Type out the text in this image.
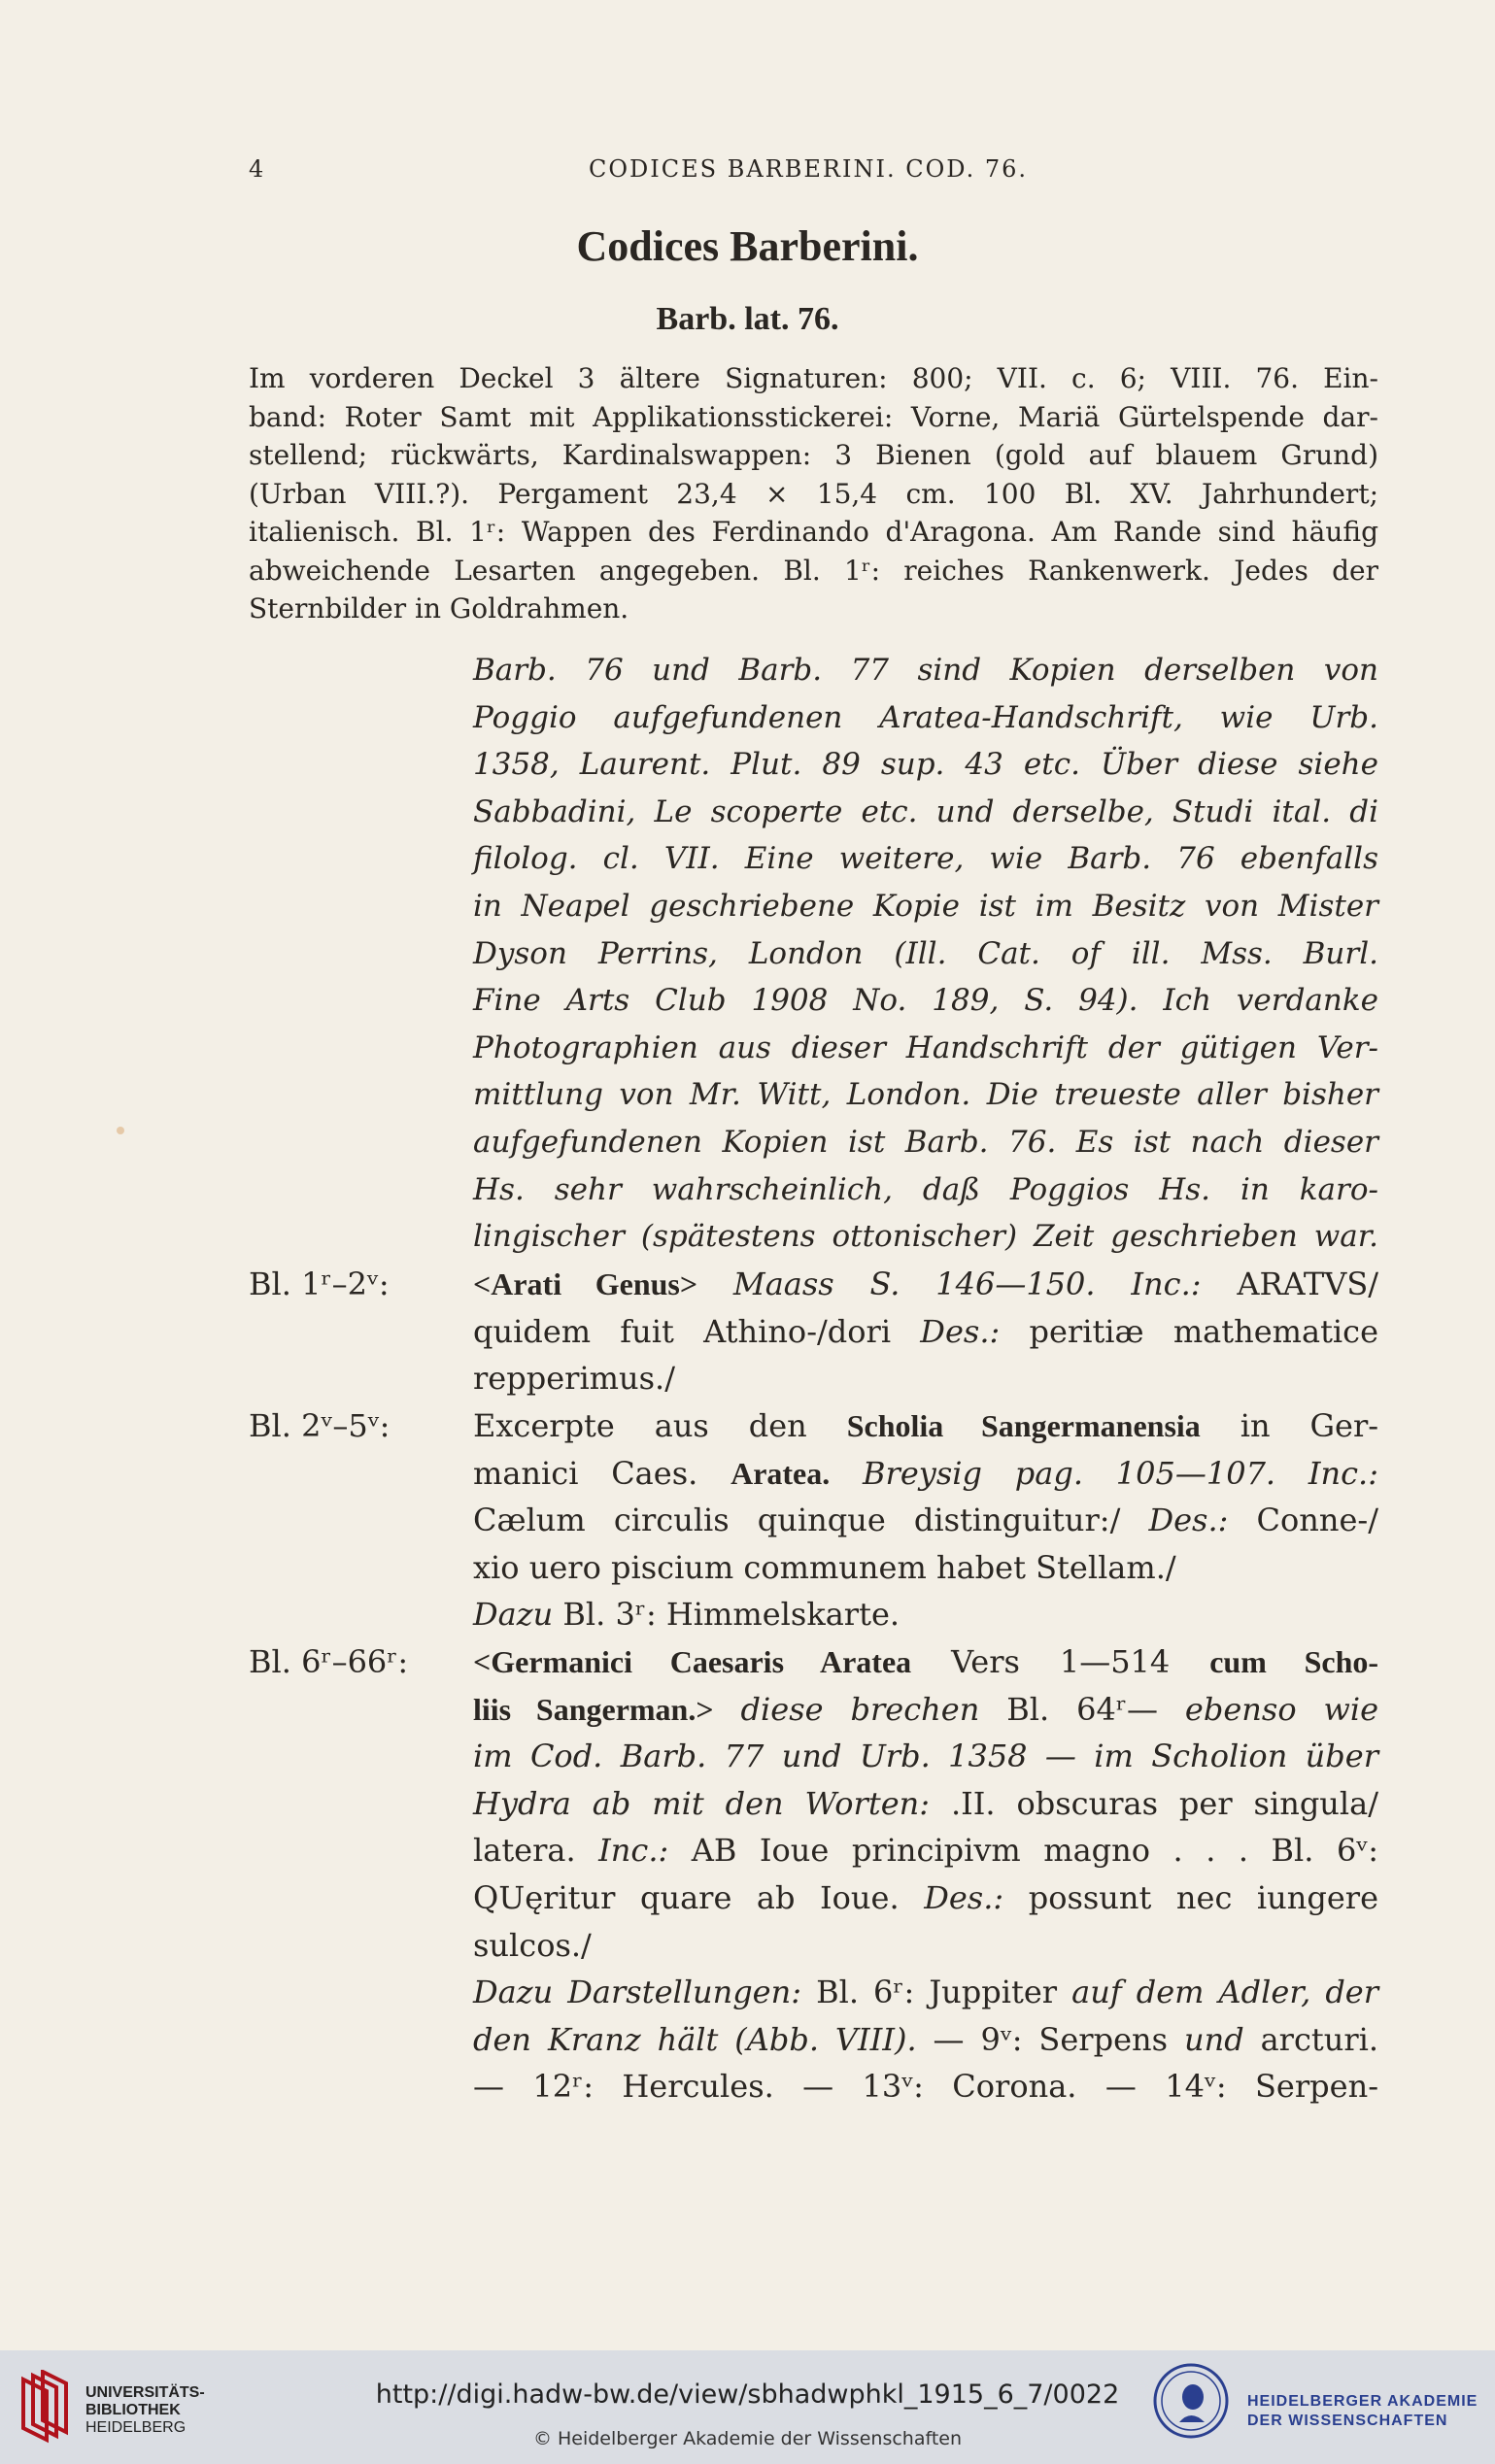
4	CODICES BARBERINI. COD. 76.
Codices Barberini.
Barb. lat. 76.
Im vorderen Deckel 3 ältere Signaturen: 800; VII. c. 6; VIII. 76. Ein-
band: Roter Samt mit Applikationsstickerei: Vorne, Mariä Gürtelspende dar-
stellend; rückwärts, Kardinalswappen: 3 Bienen (gold auf blauem Grund)
(Urban VIII.?). Pergament 23,4 × 15,4 cm. 100 Bl. XV. Jahrhundert;
italienisch. Bl. 1ʳ: Wappen des Ferdinando d'Aragona. Am Rande sind häufig
abweichende Lesarten angegeben. Bl. 1ʳ: reiches Rankenwerk. Jedes der
Sternbilder in Goldrahmen.
Barb. 76 und Barb. 77 sind Kopien derselben von
Poggio aufgefundenen Aratea-Handschrift, wie Urb.
1358, Laurent. Plut. 89 sup. 43 etc. Über diese siehe
Sabbadini, Le scoperte etc. und derselbe, Studi ital. di
filolog. cl. VII. Eine weitere, wie Barb. 76 ebenfalls
in Neapel geschriebene Kopie ist im Besitz von Mister
Dyson Perrins, London (Ill. Cat. of ill. Mss. Burl.
Fine Arts Club 1908 No. 189, S. 94). Ich verdanke
Photographien aus dieser Handschrift der gütigen Ver-
mittlung von Mr. Witt, London. Die treueste aller bisher
aufgefundenen Kopien ist Barb. 76. Es ist nach dieser
Hs. sehr wahrscheinlich, daß Poggios Hs. in karo-
lingischer (spätestens ottonischer) Zeit geschrieben war.
Bl. 1ʳ–2ᵛ:	<Arati Genus> Maass S. 146—150. Inc.: ARATVS/
quidem fuit Athino-/dori Des.: peritiæ mathematice
repperimus./
Bl. 2ᵛ–5ᵛ:	Excerpte aus den Scholia Sangermanensia in Ger-
manici Caes. Aratea. Breysig pag. 105—107. Inc.:
Cælum circulis quinque distinguitur:/ Des.: Conne-/
xio uero piscium communem habet Stellam./
Dazu Bl. 3ʳ: Himmelskarte.
Bl. 6ʳ–66ʳ: <Germanici Caesaris Aratea Vers 1—514 cum Scho-
liis Sangerman.> diese brechen Bl. 64ʳ— ebenso wie
im Cod. Barb. 77 und Urb. 1358 — im Scholion über
Hydra ab mit den Worten: .II. obscuras per singula/
latera. Inc.: AB Ioue principivm magno . . . Bl. 6ᵛ:
QUęritur quare ab Ioue. Des.: possunt nec iungere
sulcos./
Dazu Darstellungen: Bl. 6ʳ: Juppiter auf dem Adler, der
den Kranz hält (Abb. VIII). — 9ᵛ: Serpens und arcturi.
— 12ʳ: Hercules. — 13ᵛ: Corona. — 14ᵛ: Serpen-
UNIVERSITÄTS-
BIBLIOTHEK
HEIDELBERG
http://digi.hadw-bw.de/view/sbhadwphkl_1915_6_7/0022
© Heidelberger Akademie der Wissenschaften
HEIDELBERGER AKADEMIE
DER WISSENSCHAFTEN
